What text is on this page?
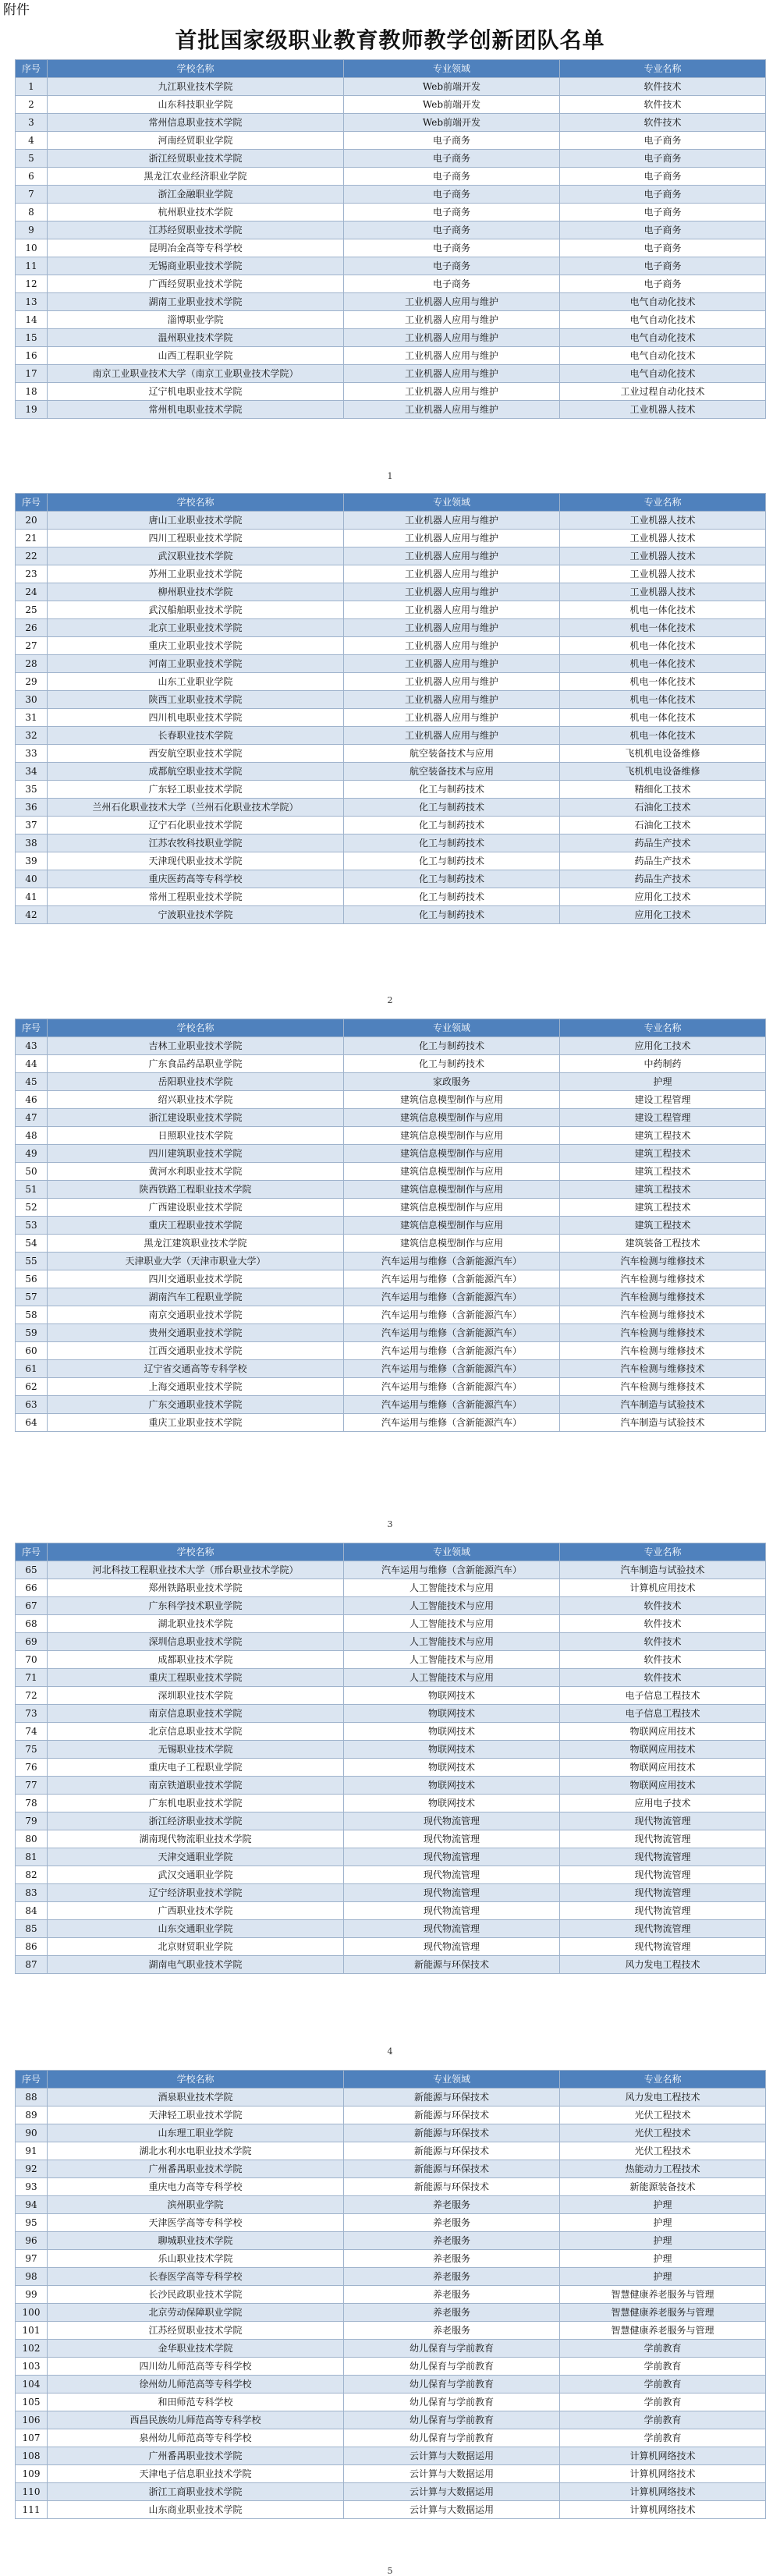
附件
首批国家级职业教育教师教学创新团队名单
序号	学校名称	专业领域	专业名称
1	九江职业技术学院	Web前端开发	软件技术
2	山东科技职业学院	Web前端开发	软件技术
3	常州信息职业技术学院	Web前端开发	软件技术
4	河南经贸职业学院	电子商务	电子商务
5	浙江经贸职业技术学院	电子商务	电子商务
6	黑龙江农业经济职业学院	电子商务	电子商务
7	浙江金融职业学院	电子商务	电子商务
8	杭州职业技术学院	电子商务	电子商务
9	江苏经贸职业技术学院	电子商务	电子商务
10	昆明冶金高等专科学校	电子商务	电子商务
11	无锡商业职业技术学院	电子商务	电子商务
12	广西经贸职业技术学院	电子商务	电子商务
13	湖南工业职业技术学院	工业机器人应用与维护	电气自动化技术
14	淄博职业学院	工业机器人应用与维护	电气自动化技术
15	温州职业技术学院	工业机器人应用与维护	电气自动化技术
16	山西工程职业学院	工业机器人应用与维护	电气自动化技术
17	南京工业职业技术大学（南京工业职业技术学院）	工业机器人应用与维护	电气自动化技术
18	辽宁机电职业技术学院	工业机器人应用与维护	工业过程自动化技术
19	常州机电职业技术学院	工业机器人应用与维护	工业机器人技术
1
序号	学校名称	专业领域	专业名称
20	唐山工业职业技术学院	工业机器人应用与维护	工业机器人技术
21	四川工程职业技术学院	工业机器人应用与维护	工业机器人技术
22	武汉职业技术学院	工业机器人应用与维护	工业机器人技术
23	苏州工业职业技术学院	工业机器人应用与维护	工业机器人技术
24	柳州职业技术学院	工业机器人应用与维护	工业机器人技术
25	武汉船舶职业技术学院	工业机器人应用与维护	机电一体化技术
26	北京工业职业技术学院	工业机器人应用与维护	机电一体化技术
27	重庆工业职业技术学院	工业机器人应用与维护	机电一体化技术
28	河南工业职业技术学院	工业机器人应用与维护	机电一体化技术
29	山东工业职业学院	工业机器人应用与维护	机电一体化技术
30	陕西工业职业技术学院	工业机器人应用与维护	机电一体化技术
31	四川机电职业技术学院	工业机器人应用与维护	机电一体化技术
32	长春职业技术学院	工业机器人应用与维护	机电一体化技术
33	西安航空职业技术学院	航空装备技术与应用	飞机机电设备维修
34	成都航空职业技术学院	航空装备技术与应用	飞机机电设备维修
35	广东轻工职业技术学院	化工与制药技术	精细化工技术
36	兰州石化职业技术大学（兰州石化职业技术学院）	化工与制药技术	石油化工技术
37	辽宁石化职业技术学院	化工与制药技术	石油化工技术
38	江苏农牧科技职业学院	化工与制药技术	药品生产技术
39	天津现代职业技术学院	化工与制药技术	药品生产技术
40	重庆医药高等专科学校	化工与制药技术	药品生产技术
41	常州工程职业技术学院	化工与制药技术	应用化工技术
42	宁波职业技术学院	化工与制药技术	应用化工技术
2
序号	学校名称	专业领域	专业名称
43	吉林工业职业技术学院	化工与制药技术	应用化工技术
44	广东食品药品职业学院	化工与制药技术	中药制药
45	岳阳职业技术学院	家政服务	护理
46	绍兴职业技术学院	建筑信息模型制作与应用	建设工程管理
47	浙江建设职业技术学院	建筑信息模型制作与应用	建设工程管理
48	日照职业技术学院	建筑信息模型制作与应用	建筑工程技术
49	四川建筑职业技术学院	建筑信息模型制作与应用	建筑工程技术
50	黄河水利职业技术学院	建筑信息模型制作与应用	建筑工程技术
51	陕西铁路工程职业技术学院	建筑信息模型制作与应用	建筑工程技术
52	广西建设职业技术学院	建筑信息模型制作与应用	建筑工程技术
53	重庆工程职业技术学院	建筑信息模型制作与应用	建筑工程技术
54	黑龙江建筑职业技术学院	建筑信息模型制作与应用	建筑装备工程技术
55	天津职业大学（天津市职业大学）	汽车运用与维修（含新能源汽车）	汽车检测与维修技术
56	四川交通职业技术学院	汽车运用与维修（含新能源汽车）	汽车检测与维修技术
57	湖南汽车工程职业学院	汽车运用与维修（含新能源汽车）	汽车检测与维修技术
58	南京交通职业技术学院	汽车运用与维修（含新能源汽车）	汽车检测与维修技术
59	贵州交通职业技术学院	汽车运用与维修（含新能源汽车）	汽车检测与维修技术
60	江西交通职业技术学院	汽车运用与维修（含新能源汽车）	汽车检测与维修技术
61	辽宁省交通高等专科学校	汽车运用与维修（含新能源汽车）	汽车检测与维修技术
62	上海交通职业技术学院	汽车运用与维修（含新能源汽车）	汽车检测与维修技术
63	广东交通职业技术学院	汽车运用与维修（含新能源汽车）	汽车制造与试验技术
64	重庆工业职业技术学院	汽车运用与维修（含新能源汽车）	汽车制造与试验技术
3
序号	学校名称	专业领域	专业名称
65	河北科技工程职业技术大学（邢台职业技术学院）	汽车运用与维修（含新能源汽车）	汽车制造与试验技术
66	郑州铁路职业技术学院	人工智能技术与应用	计算机应用技术
67	广东科学技术职业学院	人工智能技术与应用	软件技术
68	湖北职业技术学院	人工智能技术与应用	软件技术
69	深圳信息职业技术学院	人工智能技术与应用	软件技术
70	成都职业技术学院	人工智能技术与应用	软件技术
71	重庆工程职业技术学院	人工智能技术与应用	软件技术
72	深圳职业技术学院	物联网技术	电子信息工程技术
73	南京信息职业技术学院	物联网技术	电子信息工程技术
74	北京信息职业技术学院	物联网技术	物联网应用技术
75	无锡职业技术学院	物联网技术	物联网应用技术
76	重庆电子工程职业学院	物联网技术	物联网应用技术
77	南京铁道职业技术学院	物联网技术	物联网应用技术
78	广东机电职业技术学院	物联网技术	应用电子技术
79	浙江经济职业技术学院	现代物流管理	现代物流管理
80	湖南现代物流职业技术学院	现代物流管理	现代物流管理
81	天津交通职业学院	现代物流管理	现代物流管理
82	武汉交通职业学院	现代物流管理	现代物流管理
83	辽宁经济职业技术学院	现代物流管理	现代物流管理
84	广西职业技术学院	现代物流管理	现代物流管理
85	山东交通职业学院	现代物流管理	现代物流管理
86	北京财贸职业学院	现代物流管理	现代物流管理
87	湖南电气职业技术学院	新能源与环保技术	风力发电工程技术
4
序号	学校名称	专业领域	专业名称
88	酒泉职业技术学院	新能源与环保技术	风力发电工程技术
89	天津轻工职业技术学院	新能源与环保技术	光伏工程技术
90	山东理工职业学院	新能源与环保技术	光伏工程技术
91	湖北水利水电职业技术学院	新能源与环保技术	光伏工程技术
92	广州番禺职业技术学院	新能源与环保技术	热能动力工程技术
93	重庆电力高等专科学校	新能源与环保技术	新能源装备技术
94	滨州职业学院	养老服务	护理
95	天津医学高等专科学校	养老服务	护理
96	聊城职业技术学院	养老服务	护理
97	乐山职业技术学院	养老服务	护理
98	长春医学高等专科学校	养老服务	护理
99	长沙民政职业技术学院	养老服务	智慧健康养老服务与管理
100	北京劳动保障职业学院	养老服务	智慧健康养老服务与管理
101	江苏经贸职业技术学院	养老服务	智慧健康养老服务与管理
102	金华职业技术学院	幼儿保育与学前教育	学前教育
103	四川幼儿师范高等专科学校	幼儿保育与学前教育	学前教育
104	徐州幼儿师范高等专科学校	幼儿保育与学前教育	学前教育
105	和田师范专科学校	幼儿保育与学前教育	学前教育
106	西昌民族幼儿师范高等专科学校	幼儿保育与学前教育	学前教育
107	泉州幼儿师范高等专科学校	幼儿保育与学前教育	学前教育
108	广州番禺职业技术学院	云计算与大数据运用	计算机网络技术
109	天津电子信息职业技术学院	云计算与大数据运用	计算机网络技术
110	浙江工商职业技术学院	云计算与大数据运用	计算机网络技术
111	山东商业职业技术学院	云计算与大数据运用	计算机网络技术
5
